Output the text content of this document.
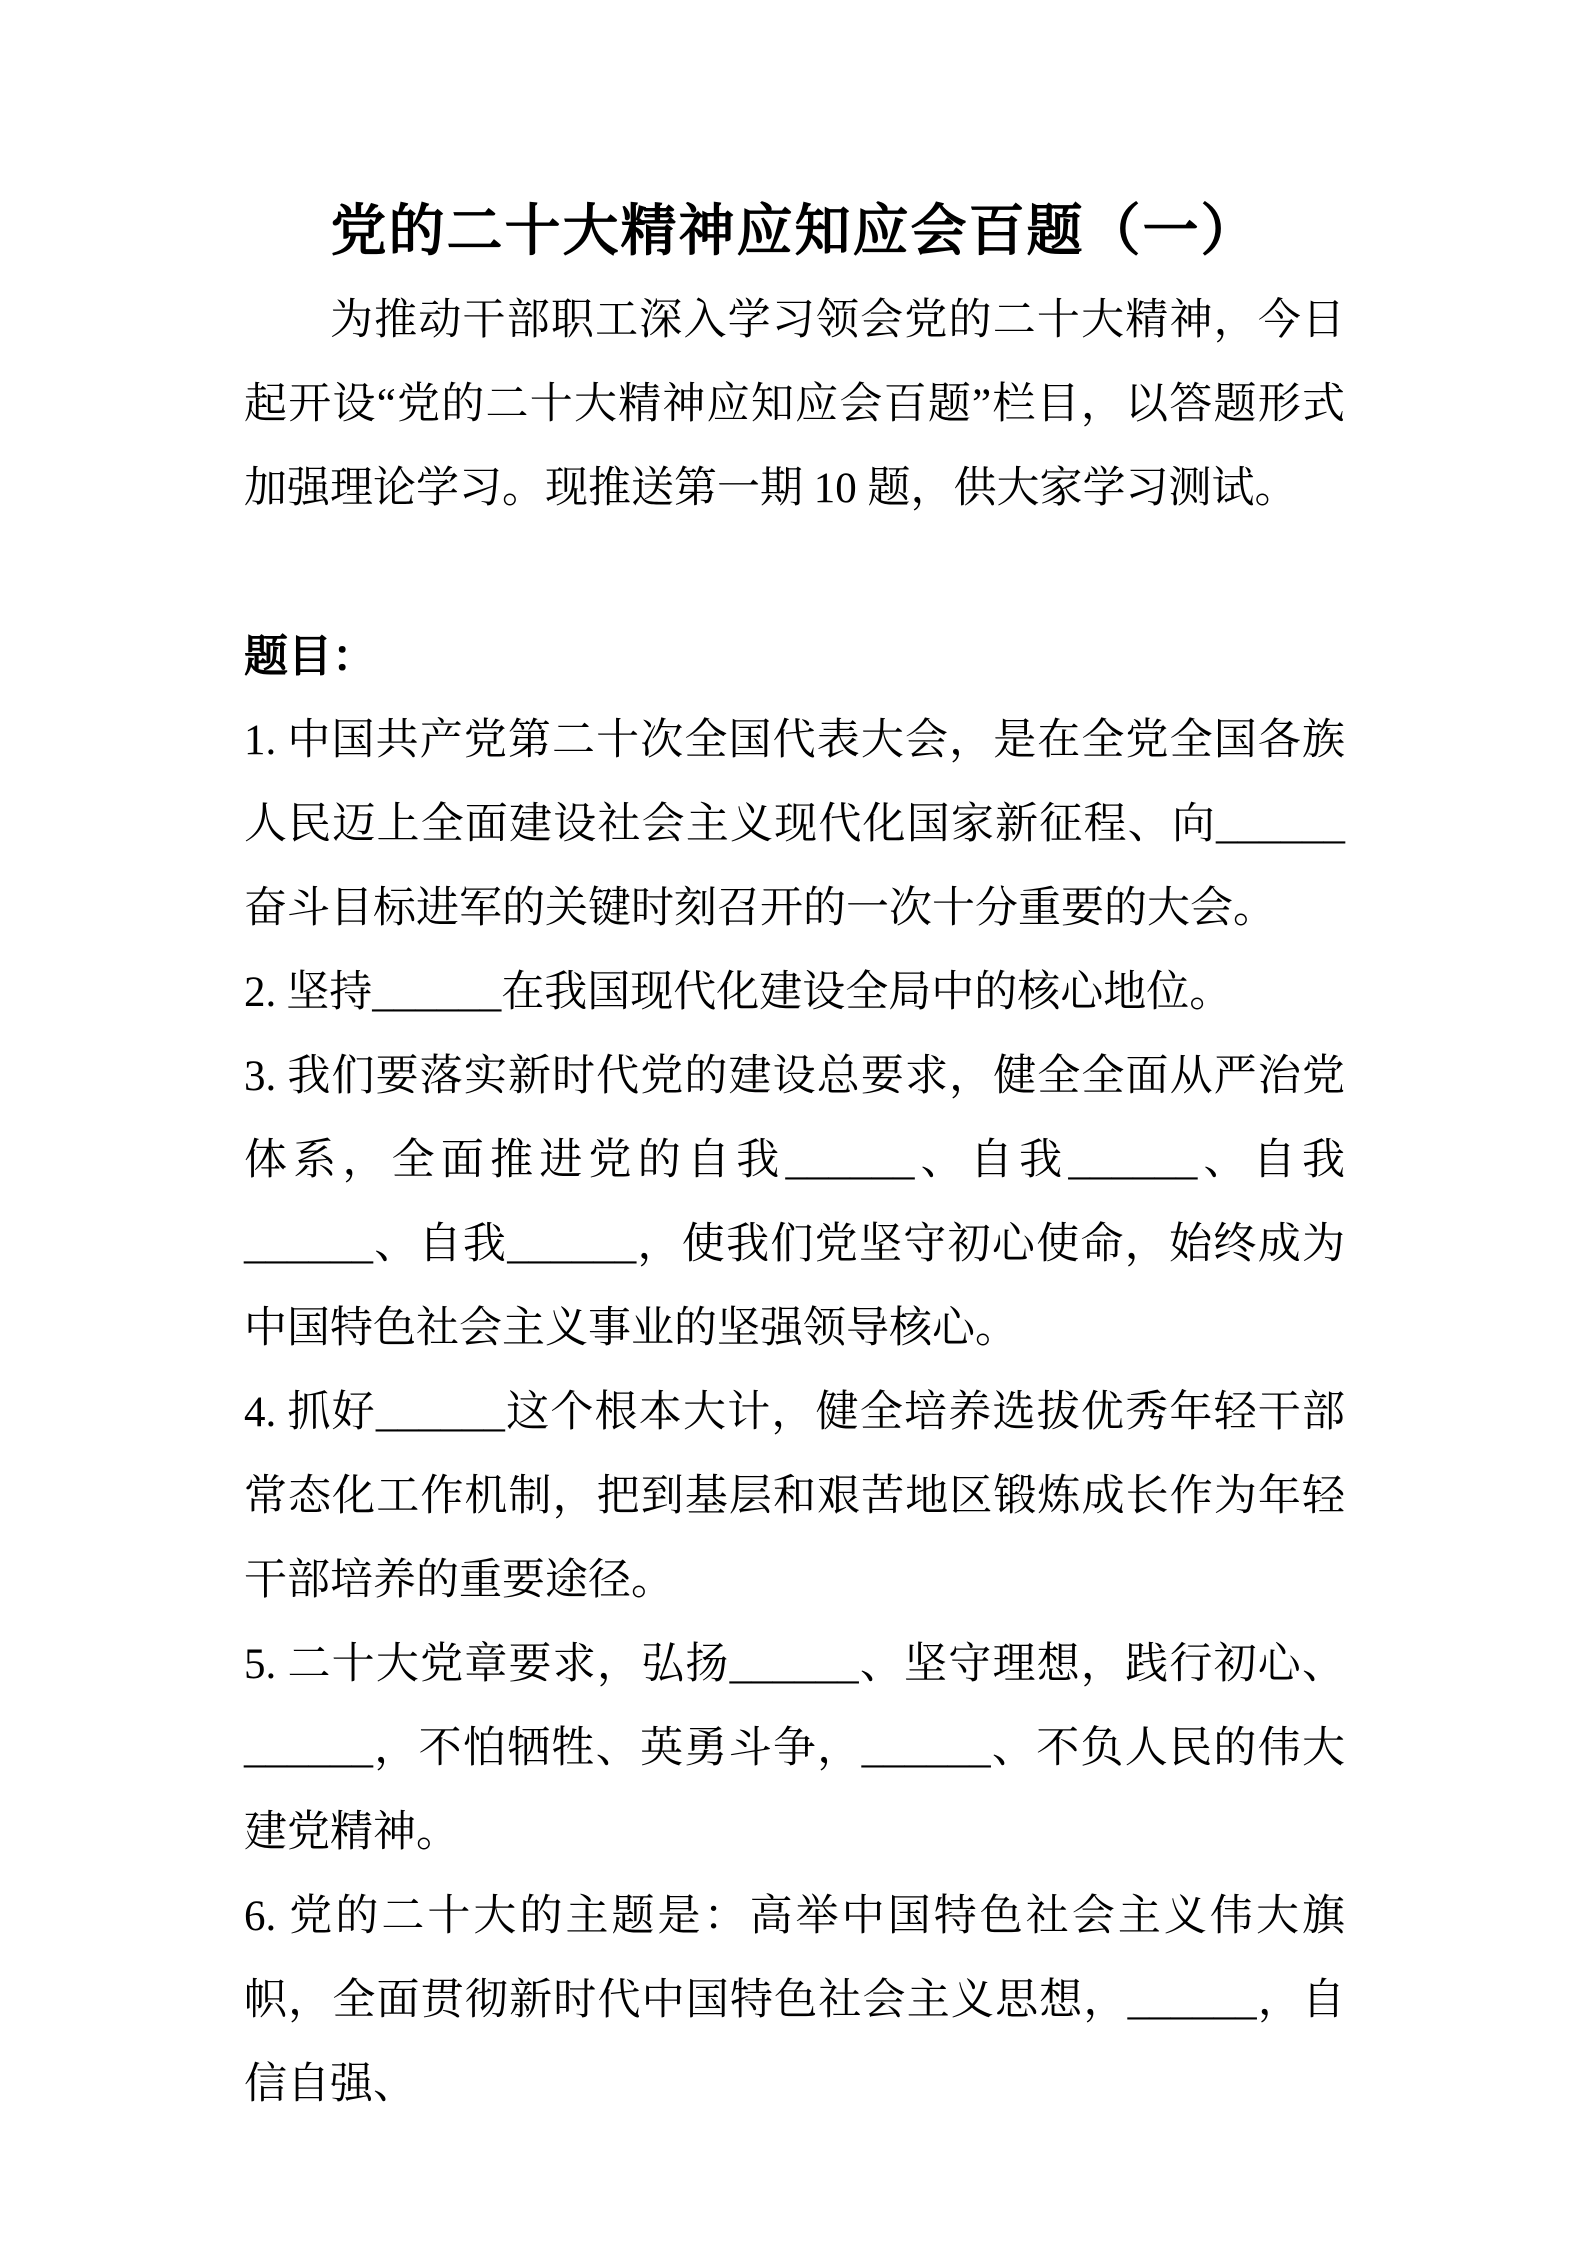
党的二十大精神应知应会百题（一）

为推动干部职工深入学习领会党的二十大精神，今日起开设“党的二十大精神应知应会百题”栏目，以答题形式加强理论学习。现推送第一期 10 题，供大家学习测试。

题目：

1. 中国共产党第二十次全国代表大会，是在全党全国各族人民迈上全面建设社会主义现代化国家新征程、向______奋斗目标进军的关键时刻召开的一次十分重要的大会。

2. 坚持______在我国现代化建设全局中的核心地位。

3. 我们要落实新时代党的建设总要求，健全全面从严治党体系，全面推进党的自我______、自我______、自我______、自我______，使我们党坚守初心使命，始终成为中国特色社会主义事业的坚强领导核心。

4. 抓好______这个根本大计，健全培养选拔优秀年轻干部常态化工作机制，把到基层和艰苦地区锻炼成长作为年轻干部培养的重要途径。

5. 二十大党章要求，弘扬______、坚守理想，践行初心、______，不怕牺牲、英勇斗争，______、不负人民的伟大建党精神。

6. 党的二十大的主题是：高举中国特色社会主义伟大旗帜，全面贯彻新时代中国特色社会主义思想，______，自信自强、
